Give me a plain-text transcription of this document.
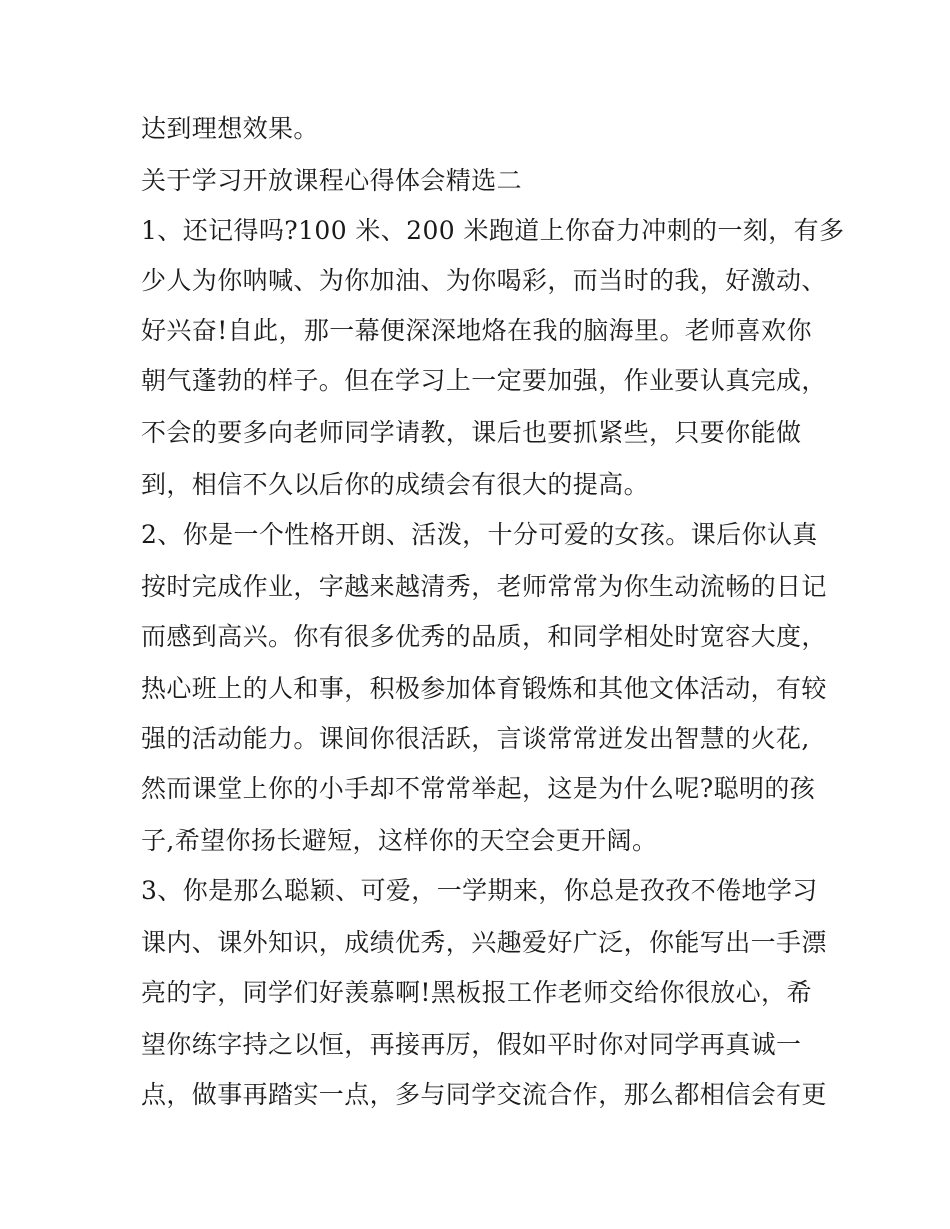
达到理想效果。
关于学习开放课程心得体会精选二
1、还记得吗?100 米、200 米跑道上你奋力冲刺的一刻，有多
少人为你呐喊、为你加油、为你喝彩，而当时的我，好激动、
好兴奋!自此，那一幕便深深地烙在我的脑海里。老师喜欢你
朝气蓬勃的样子。但在学习上一定要加强，作业要认真完成，
不会的要多向老师同学请教，课后也要抓紧些，只要你能做
到，相信不久以后你的成绩会有很大的提高。
2、你是一个性格开朗、活泼，十分可爱的女孩。课后你认真
按时完成作业，字越来越清秀，老师常常为你生动流畅的日记
而感到高兴。你有很多优秀的品质，和同学相处时宽容大度，
热心班上的人和事，积极参加体育锻炼和其他文体活动，有较
强的活动能力。课间你很活跃，言谈常常迸发出智慧的火花,
然而课堂上你的小手却不常常举起，这是为什么呢?聪明的孩
子,希望你扬长避短，这样你的天空会更开阔。
3、你是那么聪颖、可爱，一学期来，你总是孜孜不倦地学习
课内、课外知识，成绩优秀，兴趣爱好广泛，你能写出一手漂
亮的字，同学们好羡慕啊!黑板报工作老师交给你很放心，希
望你练字持之以恒，再接再厉，假如平时你对同学再真诚一
点，做事再踏实一点，多与同学交流合作，那么都相信会有更
